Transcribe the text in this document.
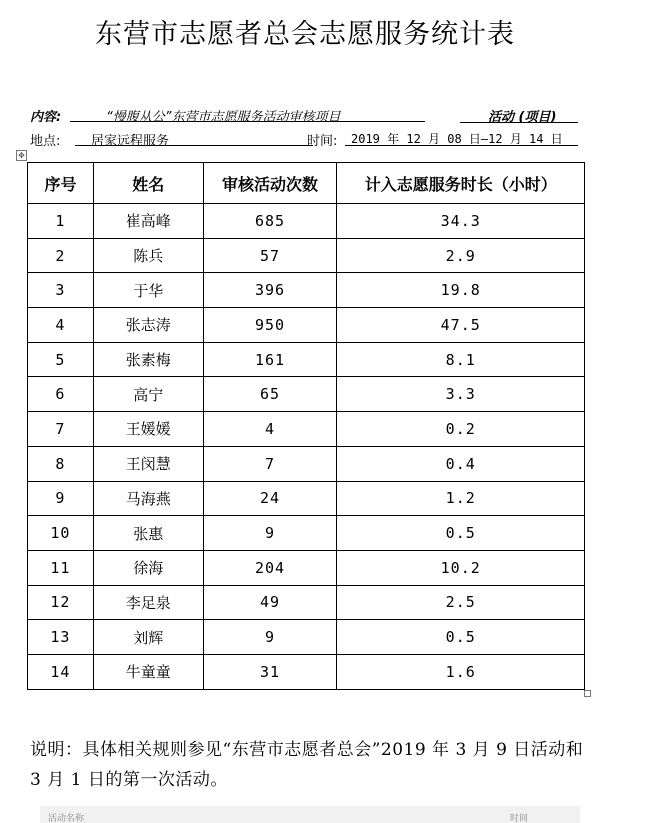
东营市志愿者总会志愿服务统计表
内容:	“慢腹从公”东营市志愿服务活动审核项目	活动 (项目)
地点:	居家远程服务	时间:	2019 年 12 月 08 日—12 月 14 日
✥
序号	姓名	审核活动次数	计入志愿服务时长（小时）
1	崔高峰	685	34.3
2	陈兵	57	2.9
3	于华	396	19.8
4	张志涛	950	47.5
5	张素梅	161	8.1
6	高宁	65	3.3
7	王媛媛	4	0.2
8	王闵慧	7	0.4
9	马海燕	24	1.2
10	张惠	9	0.5
11	徐海	204	10.2
12	李足泉	49	2.5
13	刘辉	9	0.5
14	牛童童	31	1.6
说明：具体相关规则参见“东营市志愿者总会”2019 年 3 月 9 日活动和 3 月 1 日的第一次活动。
活动名称	时间
